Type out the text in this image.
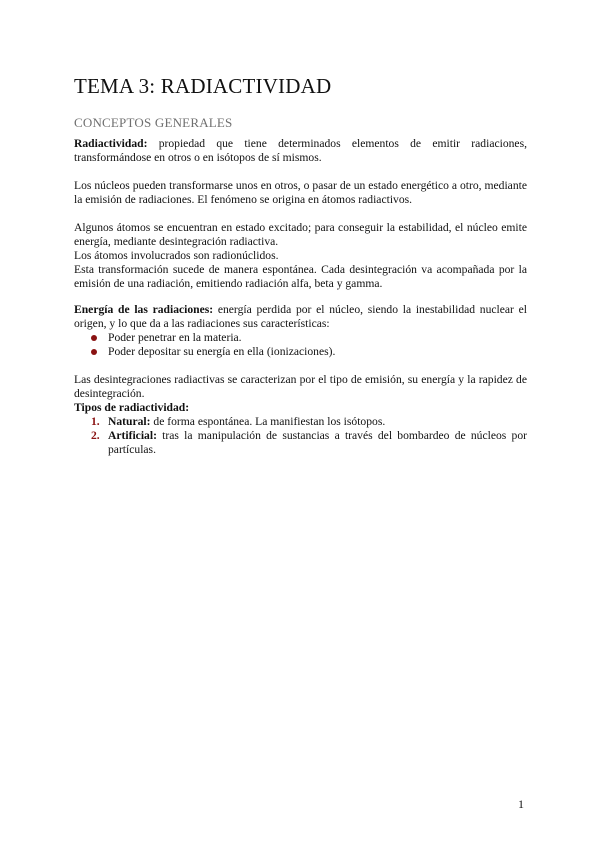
TEMA 3: RADIACTIVIDAD
CONCEPTOS GENERALES

Radiactividad: propiedad que tiene determinados elementos de emitir radiaciones, transformándose en otros o en isótopos de sí mismos.

Los núcleos pueden transformarse unos en otros, o pasar de un estado energético a otro, mediante la emisión de radiaciones. El fenómeno se origina en átomos radiactivos.

Algunos átomos se encuentran en estado excitado; para conseguir la estabilidad, el núcleo emite energía, mediante desintegración radiactiva.
Los átomos involucrados son radionúclidos.
Esta transformación sucede de manera espontánea. Cada desintegración va acompañada por la emisión de una radiación, emitiendo radiación alfa, beta y gamma.

Energía de las radiaciones: energía perdida por el núcleo, siendo la inestabilidad nuclear el origen, y lo que da a las radiaciones sus características:

Poder penetrar en la materia.
Poder depositar su energía en ella (ionizaciones).

Las desintegraciones radiactivas se caracterizan por el tipo de emisión, su energía y la rapidez de desintegración.

Tipos de radiactividad:

1. Natural: de forma espontánea. La manifiestan los isótopos.
2. Artificial: tras la manipulación de sustancias a través del bombardeo de núcleos por partículas.
1
